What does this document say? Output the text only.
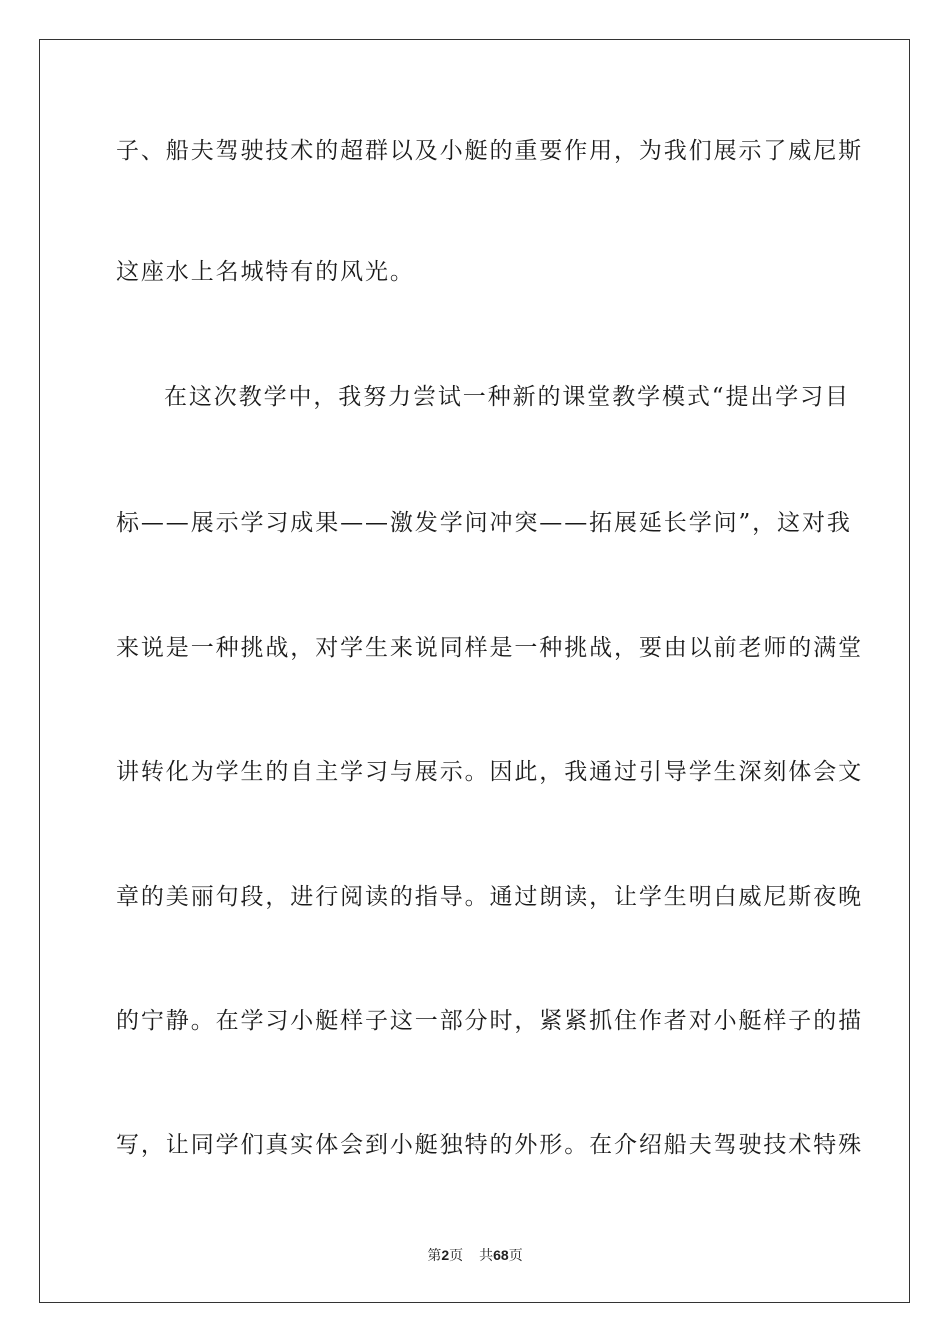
子、船夫驾驶技术的超群以及小艇的重要作用，为我们展示了威尼斯
这座水上名城特有的风光。
在这次教学中，我努力尝试一种新的课堂教学模式“提出学习目
标——展示学习成果——激发学问冲突——拓展延长学问”，这对我
来说是一种挑战，对学生来说同样是一种挑战，要由以前老师的满堂
讲转化为学生的自主学习与展示。因此，我通过引导学生深刻体会文
章的美丽句段，进行阅读的指导。通过朗读，让学生明白威尼斯夜晚
的宁静。在学习小艇样子这一部分时，紧紧抓住作者对小艇样子的描
写，让同学们真实体会到小艇独特的外形。在介绍船夫驾驶技术特殊
第2页 共68页
